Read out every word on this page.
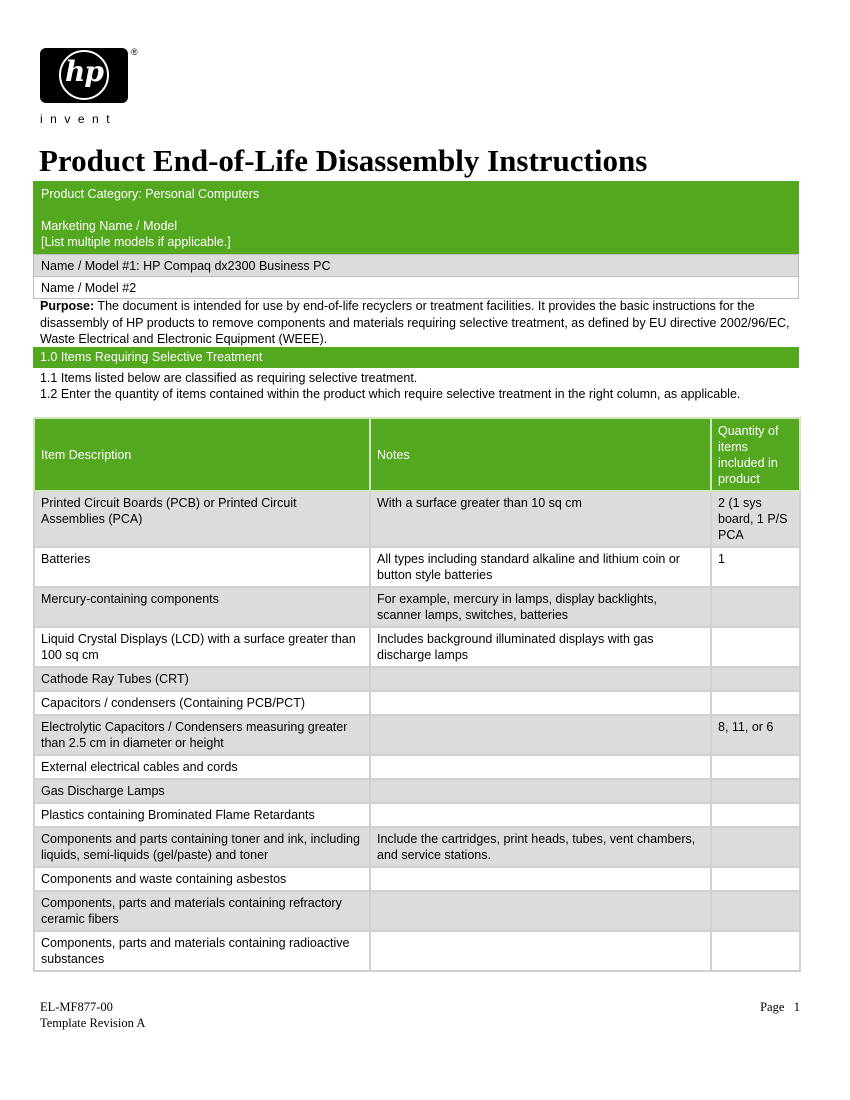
hp
®
invent
Product End-of-Life Disassembly Instructions
Product Category: Personal Computers
Marketing Name / Model
[List multiple models if applicable.]
Name / Model #1: HP Compaq dx2300 Business PC
Name / Model #2
Purpose: The document is intended for use by end-of-life recyclers or treatment facilities. It provides the basic instructions for the disassembly of HP products to remove components and materials requiring selective treatment, as defined by EU directive 2002/96/EC, Waste Electrical and Electronic Equipment (WEEE).
1.0 Items Requiring Selective Treatment
1.1 Items listed below are classified as requiring selective treatment.
1.2 Enter the quantity of items contained within the product which require selective treatment in the right column, as applicable.
Item Description	Notes	Quantity of items included in product
Printed Circuit Boards (PCB) or Printed Circuit Assemblies (PCA)	With a surface greater than 10 sq cm	2 (1 sys board, 1 P/S PCA
Batteries	All types including standard alkaline and lithium coin or button style batteries	1
Mercury-containing components	For example, mercury in lamps, display backlights, scanner lamps, switches, batteries	
Liquid Crystal Displays (LCD) with a surface greater than 100 sq cm	Includes background illuminated displays with gas discharge lamps	
Cathode Ray Tubes (CRT)		
Capacitors / condensers (Containing PCB/PCT)		
Electrolytic Capacitors / Condensers measuring greater than 2.5 cm in diameter or height		8, 11, or 6
External electrical cables and cords		
Gas Discharge Lamps		
Plastics containing Brominated Flame Retardants		
Components and parts containing toner and ink, including liquids, semi-liquids (gel/paste) and toner	Include the cartridges, print heads, tubes, vent chambers, and service stations.	
Components and waste containing asbestos		
Components, parts and materials containing refractory ceramic fibers		
Components, parts and materials containing radioactive substances		
EL-MF877-00
Template Revision A
Page 1
